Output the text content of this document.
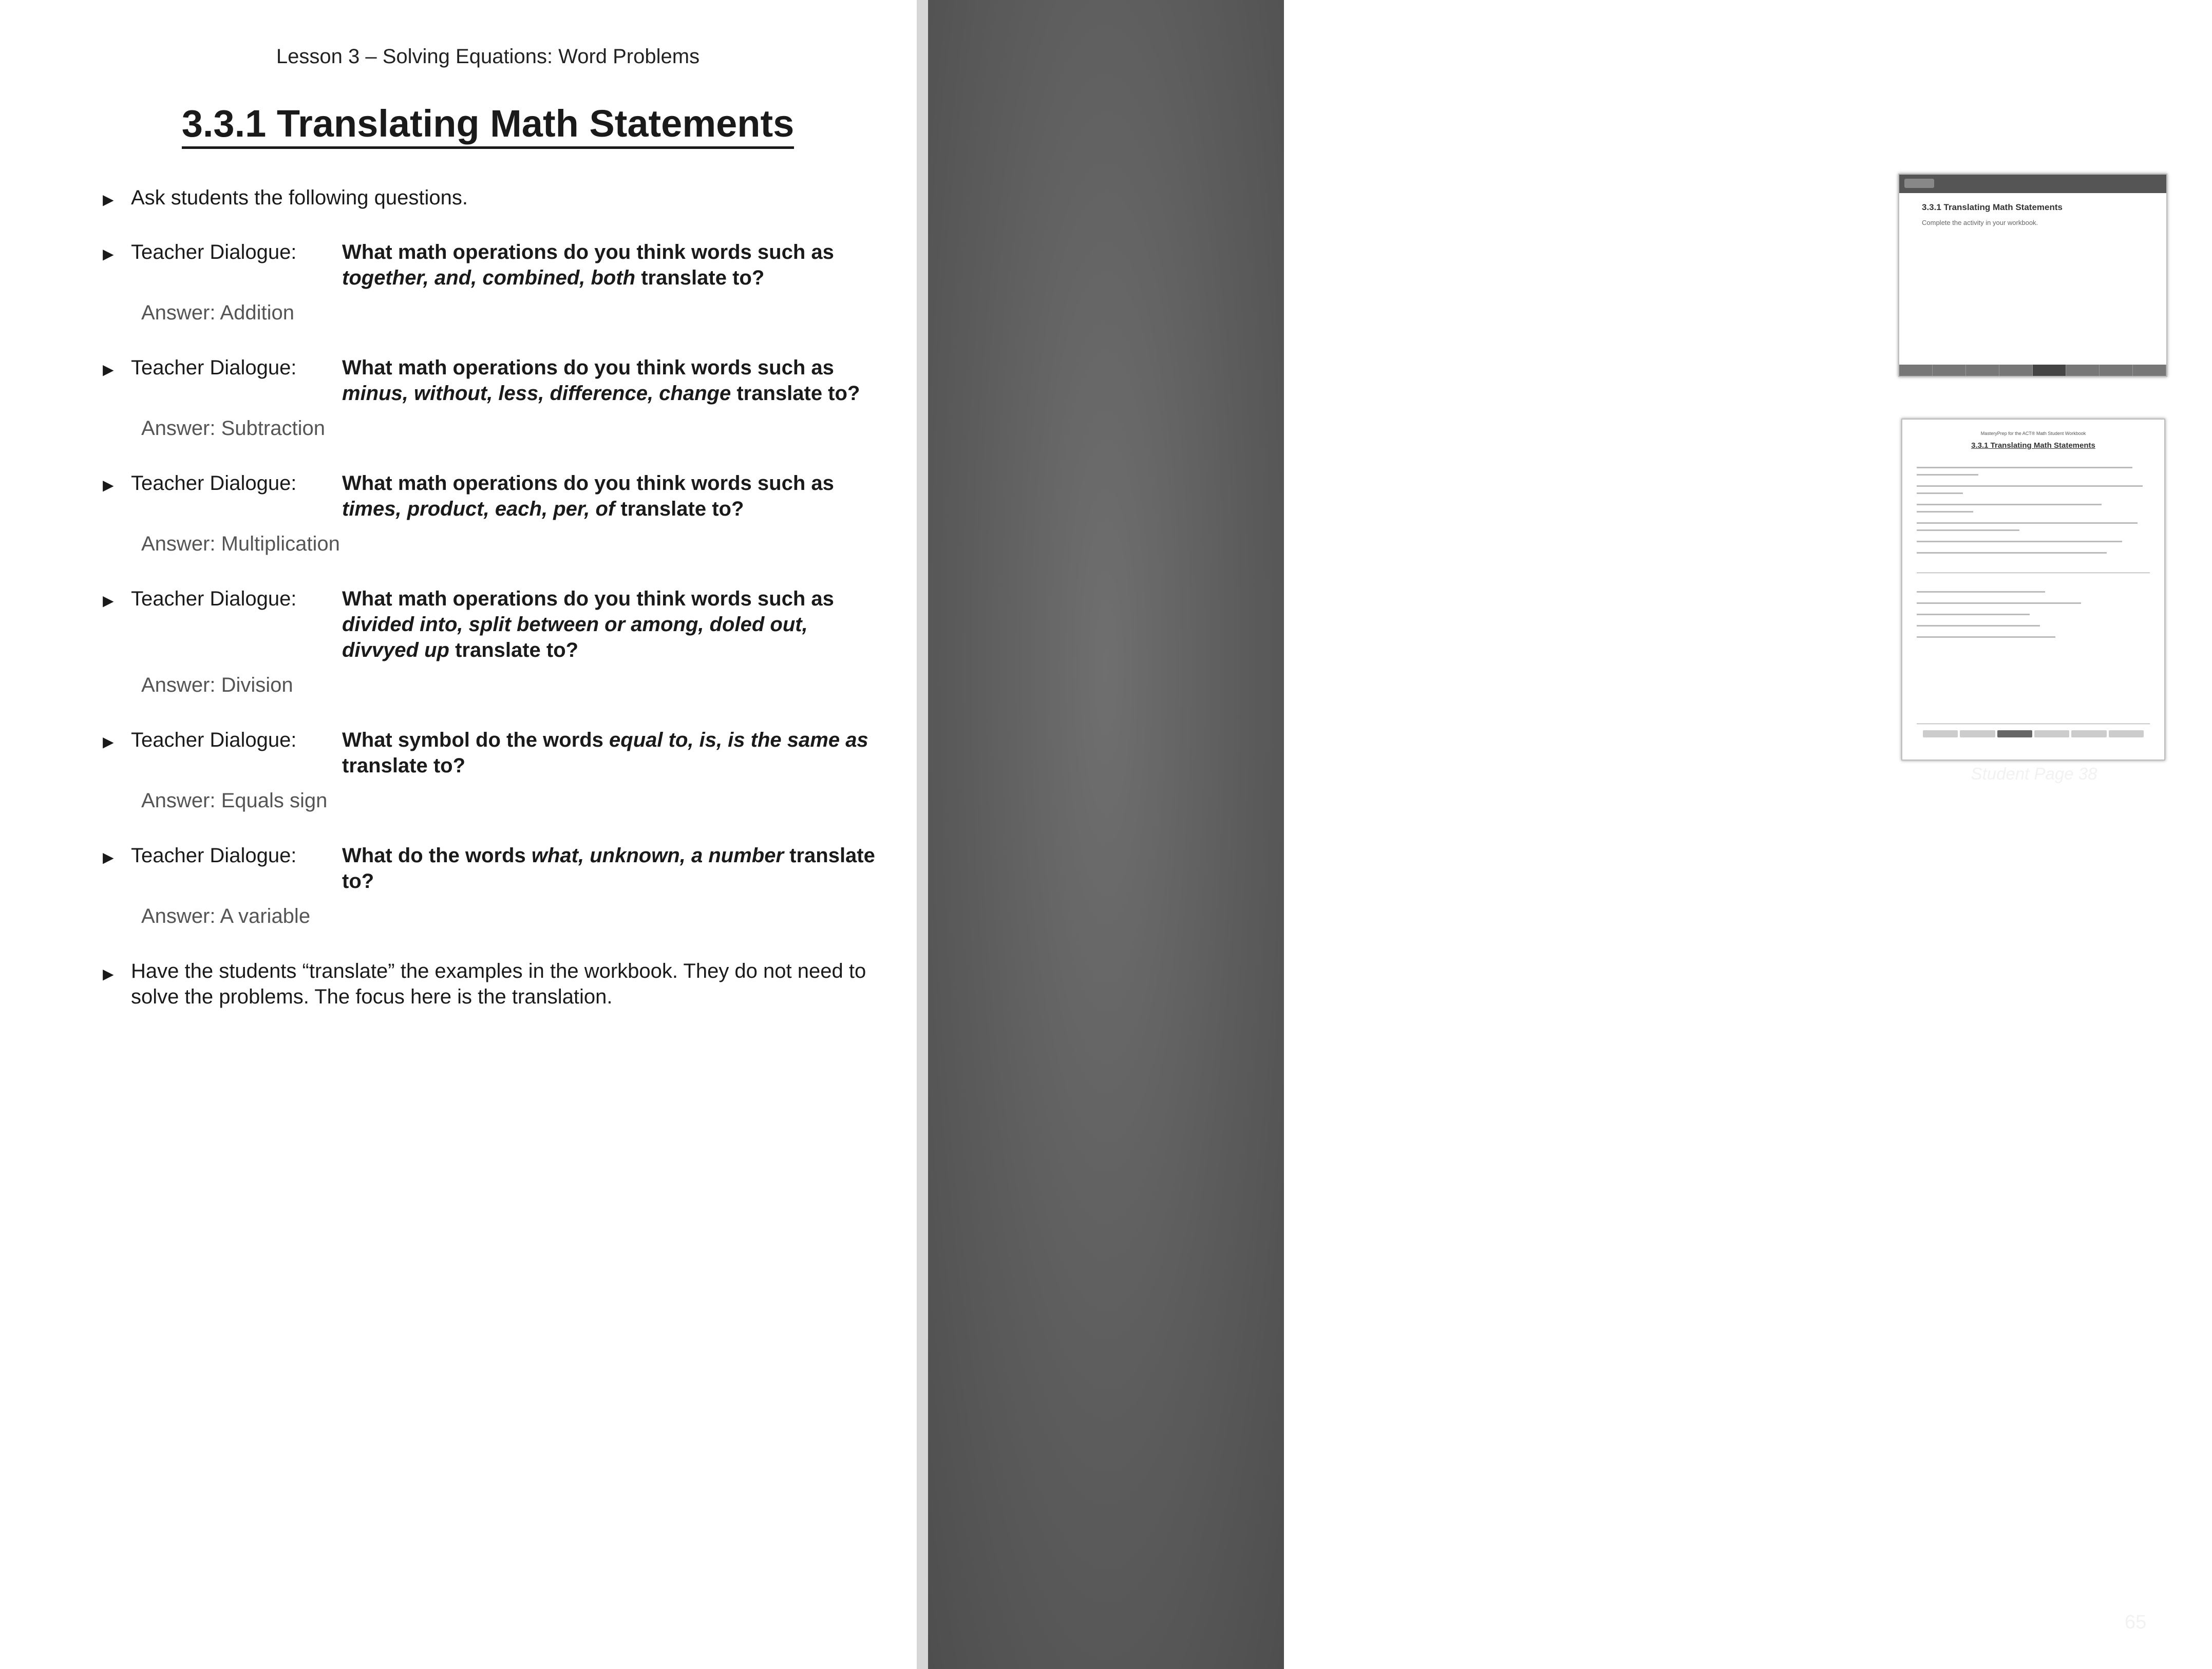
Lesson 3 – Solving Equations: Word Problems
3.3.1 Translating Math Statements
▶ Ask students the following questions.
▶ Teacher Dialogue: What math operations do you think words such as together, and, combined, both translate to?
Answer: Addition
▶ Teacher Dialogue: What math operations do you think words such as minus, without, less, difference, change translate to?
Answer: Subtraction
▶ Teacher Dialogue: What math operations do you think words such as times, product, each, per, of translate to?
Answer: Multiplication
▶ Teacher Dialogue: What math operations do you think words such as divided into, split between or among, doled out, divvyed up translate to?
Answer: Division
▶ Teacher Dialogue: What symbol do the words equal to, is, is the same as translate to?
Answer: Equals sign
▶ Teacher Dialogue: What do the words what, unknown, a number translate to?
Answer: A variable
▶ Have the students “translate” the examples in the workbook. They do not need to solve the problems. The focus here is the translation.
3.3.1 Translating Math Statements
Complete the activity in your workbook.
MasteryPrep for the ACT® Math Student Workbook
3.3.1 Translating Math Statements
Student Page 38
65
